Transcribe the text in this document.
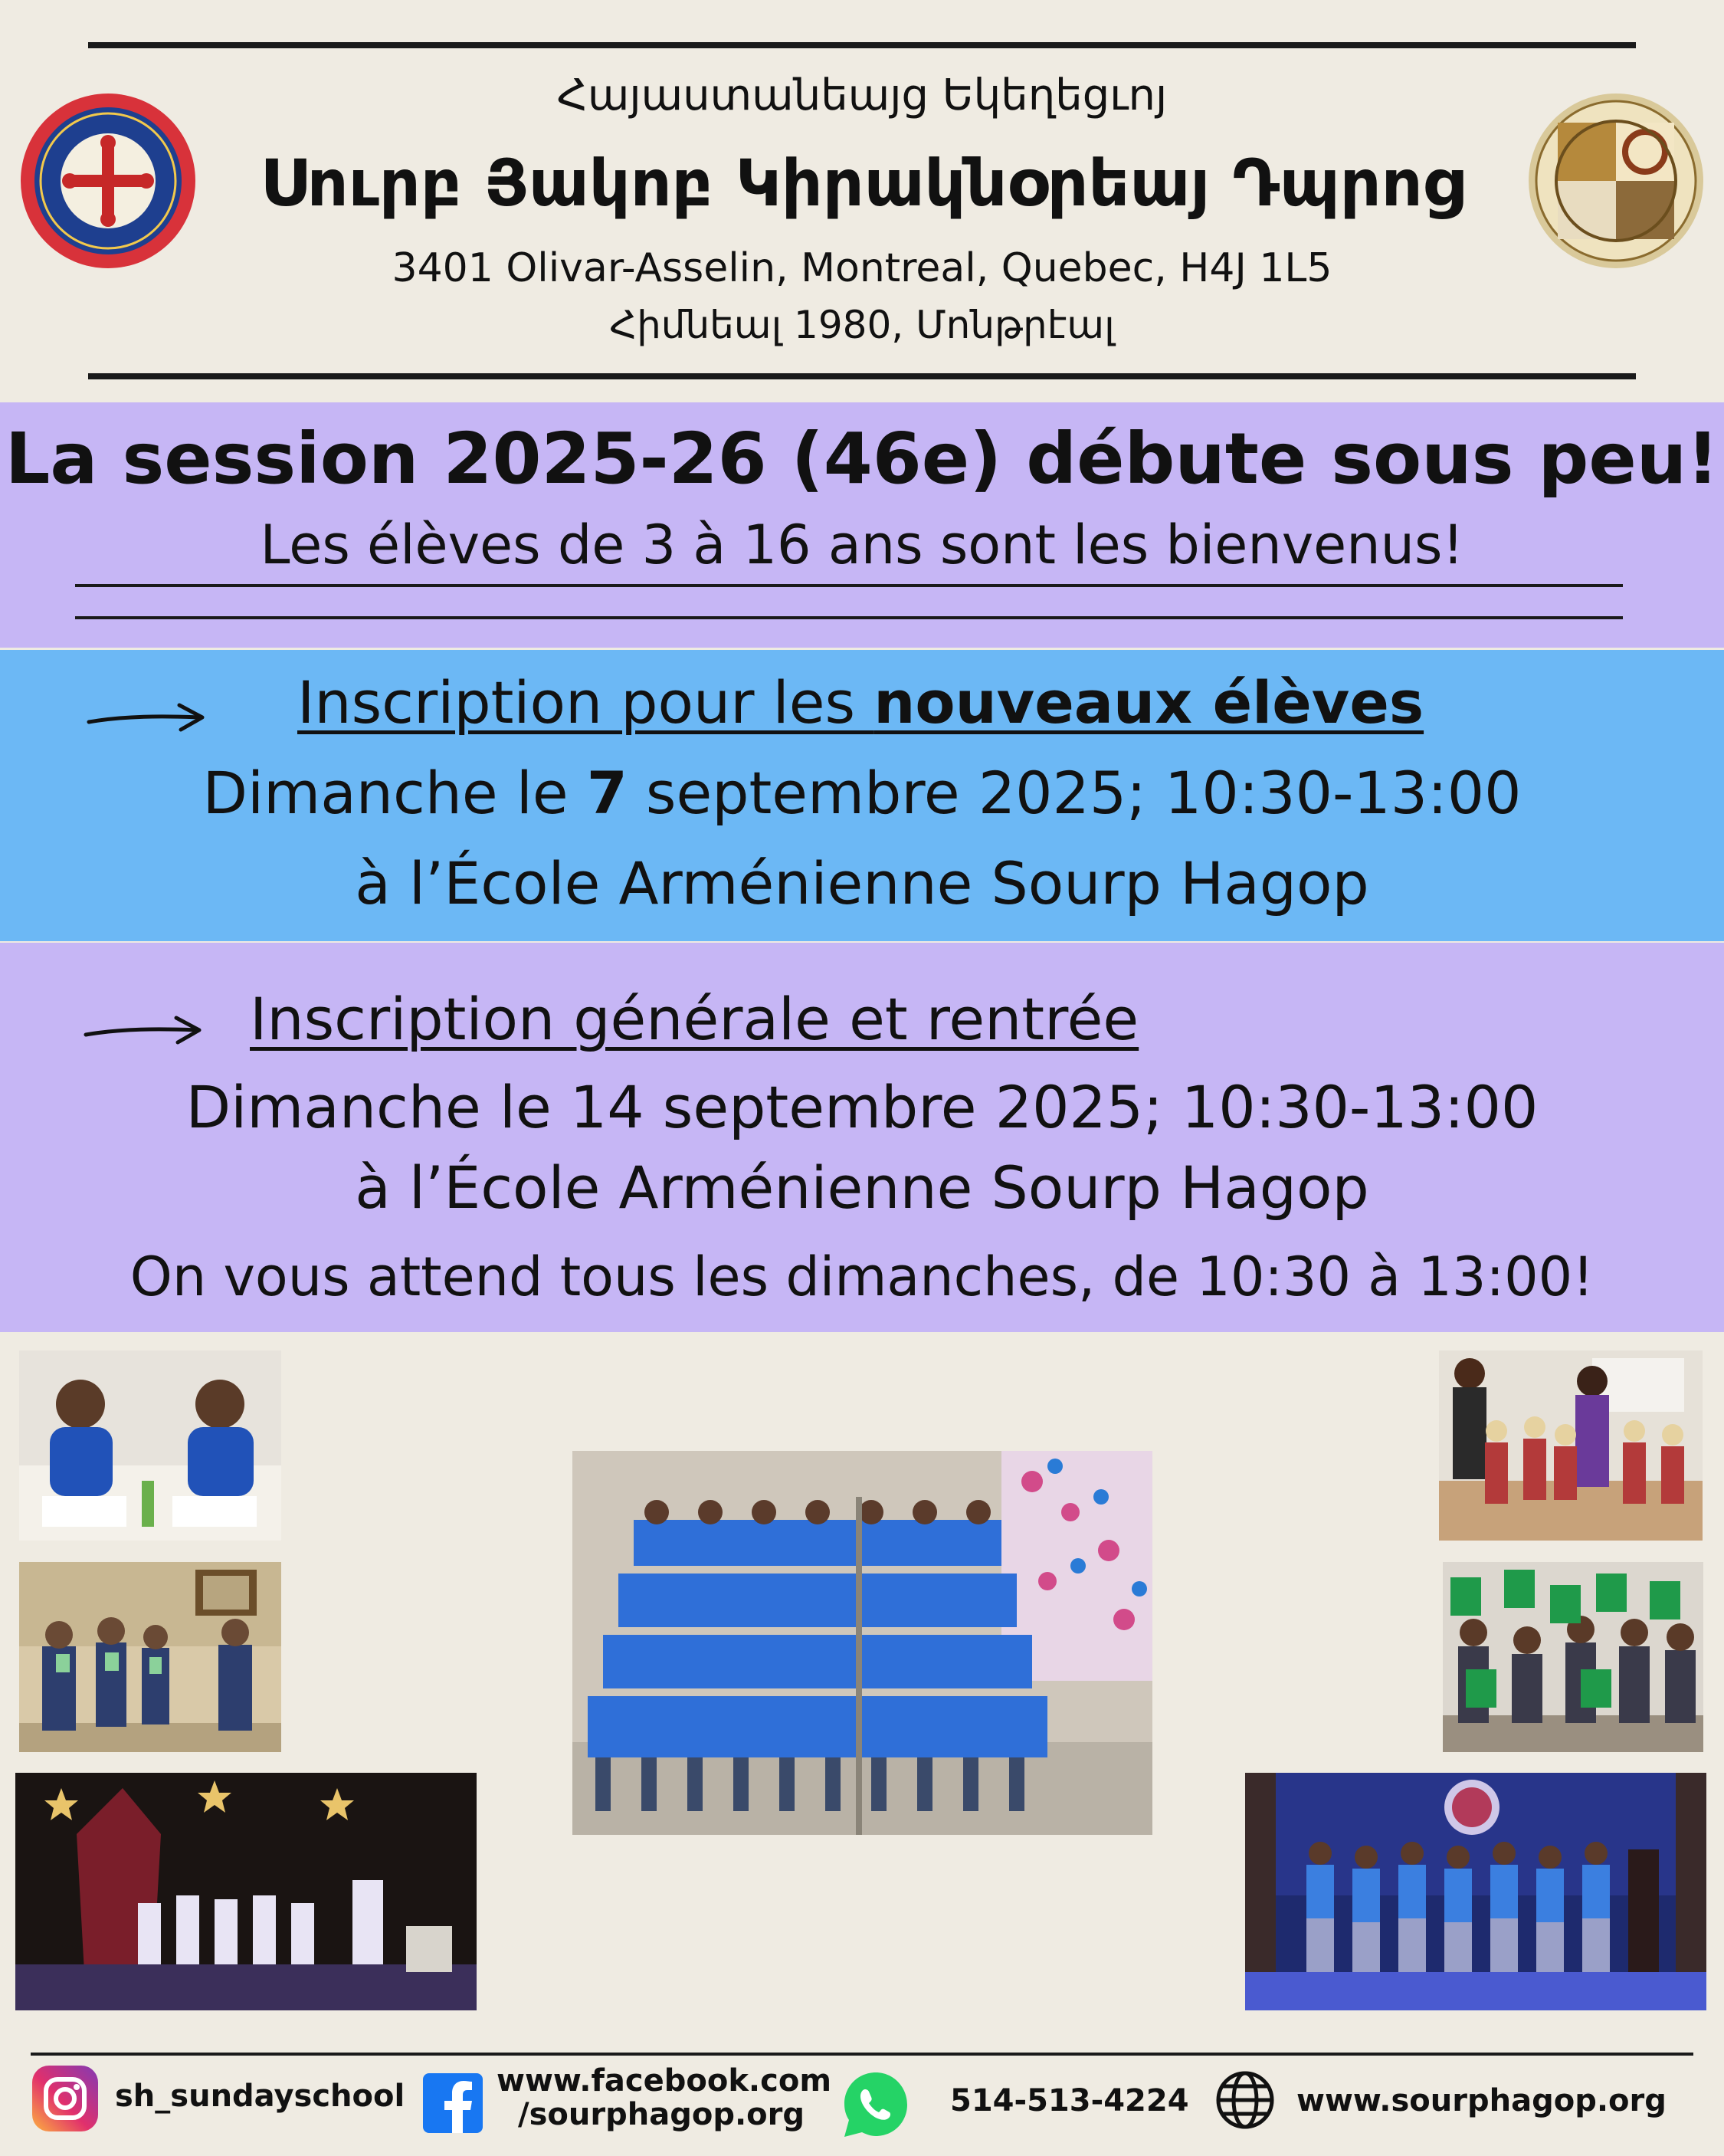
Հայաստանեայց Եկեղեցւոյ
Սուրբ Յակոբ Կիրակնօրեայ Դպրոց
3401 Olivar-Asselin, Montreal, Quebec, H4J 1L5
Հիմնեալ 1980, Մոնթրէալ
La session 2025-26 (46e) débute sous peu!
Les élèves de 3 à 16 ans sont les bienvenus!
Inscription pour les nouveaux élèves
Dimanche le 7 septembre 2025; 10:30-13:00
à l’École Arménienne Sourp Hagop
Inscription générale et rentrée
Dimanche le 14 septembre 2025; 10:30-13:00
à l’École Arménienne Sourp Hagop
On vous attend tous les dimanches, de 10:30 à 13:00!
sh_sundayschool	www.facebook.com
/sourphagop.org	514-513-4224	www.sourphagop.org
